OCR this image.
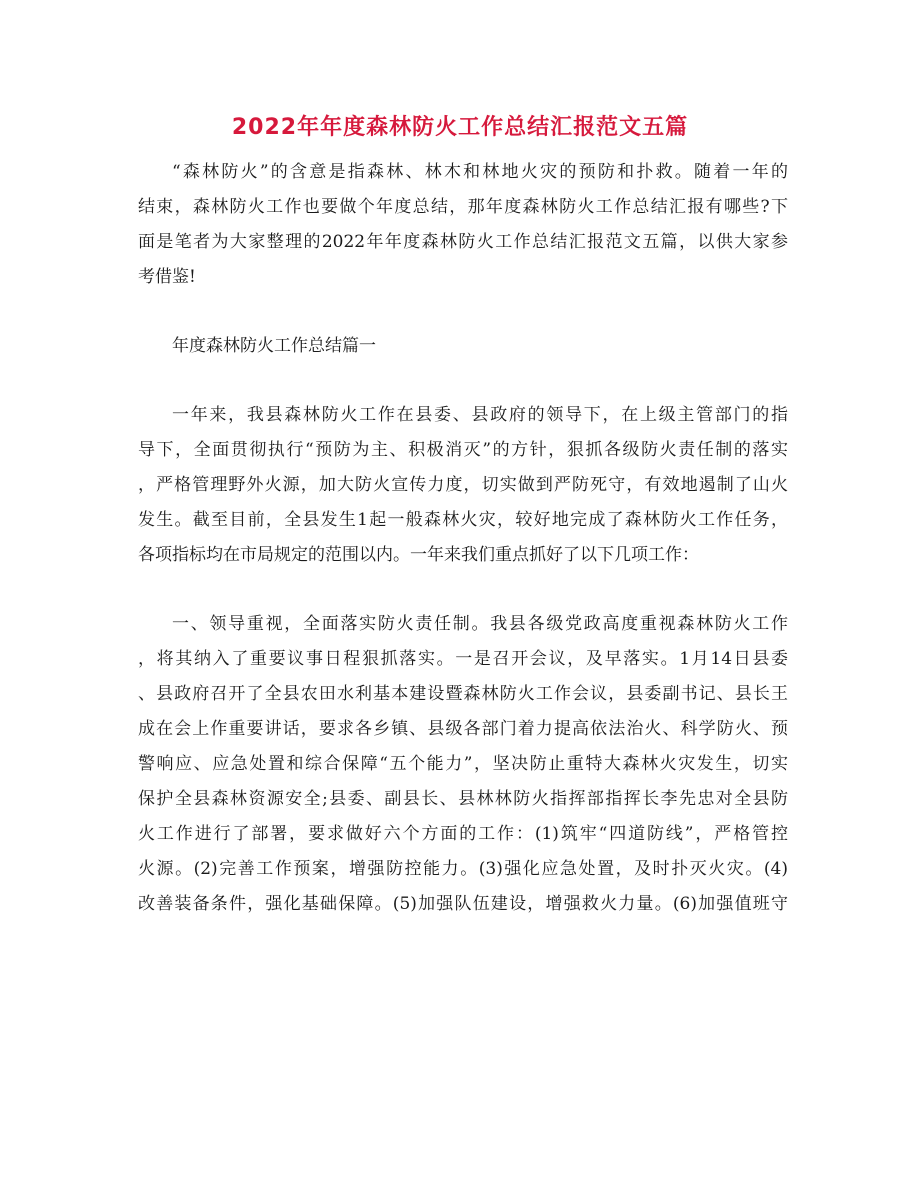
2022年年度森林防火工作总结汇报范文五篇
“森林防火”的含意是指森林、林木和林地火灾的预防和扑救。随着一年的
结束，森林防火工作也要做个年度总结，那年度森林防火工作总结汇报有哪些?下
面是笔者为大家整理的2022年年度森林防火工作总结汇报范文五篇，以供大家参
考借鉴!
年度森林防火工作总结篇一
一年来，我县森林防火工作在县委、县政府的领导下，在上级主管部门的指
导下，全面贯彻执行“预防为主、积极消灭”的方针，狠抓各级防火责任制的落实
，严格管理野外火源，加大防火宣传力度，切实做到严防死守，有效地遏制了山火
发生。截至目前，全县发生1起一般森林火灾，较好地完成了森林防火工作任务，
各项指标均在市局规定的范围以内。一年来我们重点抓好了以下几项工作：
一、领导重视，全面落实防火责任制。我县各级党政高度重视森林防火工作
，将其纳入了重要议事日程狠抓落实。一是召开会议，及早落实。1月14日县委
、县政府召开了全县农田水利基本建设暨森林防火工作会议，县委副书记、县长王
成在会上作重要讲话，要求各乡镇、县级各部门着力提高依法治火、科学防火、预
警响应、应急处置和综合保障“五个能力”，坚决防止重特大森林火灾发生，切实
保护全县森林资源安全;县委、副县长、县林林防火指挥部指挥长李先忠对全县防
火工作进行了部署，要求做好六个方面的工作：(1)筑牢“四道防线”，严格管控
火源。(2)完善工作预案，增强防控能力。(3)强化应急处置，及时扑灭火灾。(4)
改善装备条件，强化基础保障。(5)加强队伍建设，增强救火力量。(6)加强值班守
